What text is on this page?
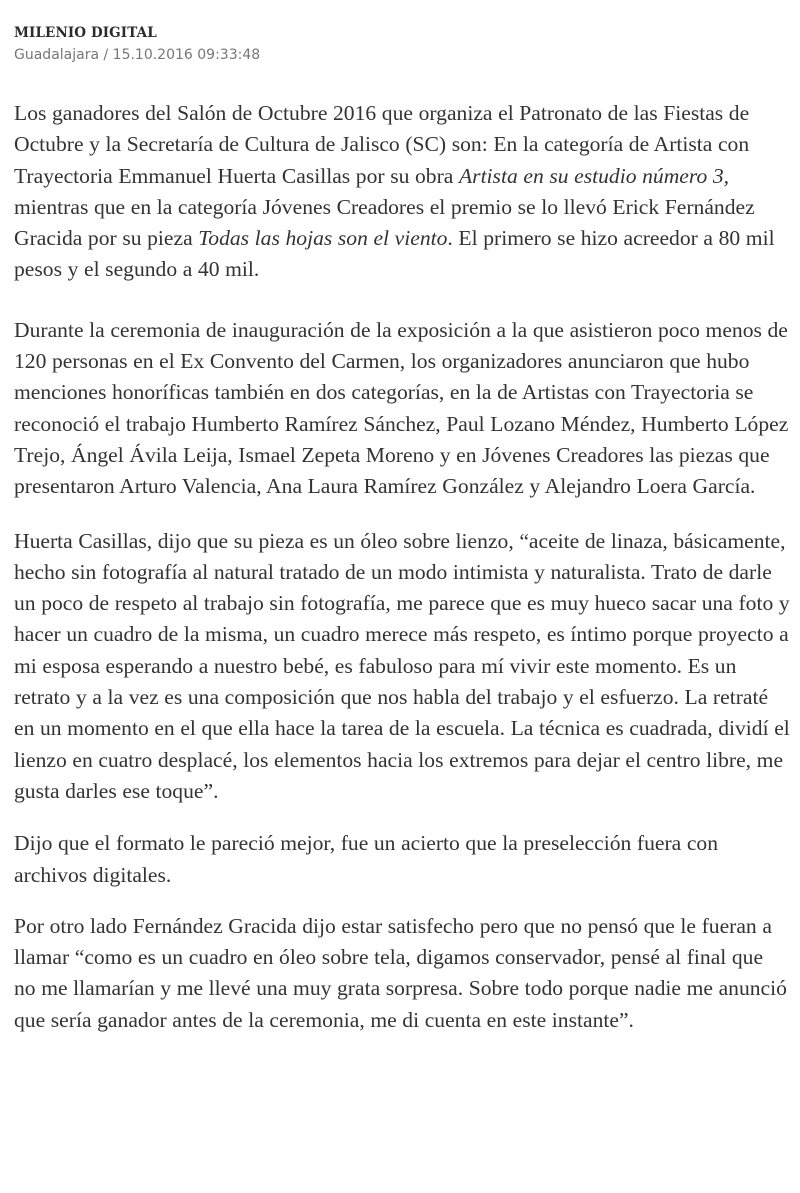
MILENIO DIGITAL
Guadalajara / 15.10.2016 09:33:48

Los ganadores del Salón de Octubre 2016 que organiza el Patronato de las Fiestas de Octubre y la Secretaría de Cultura de Jalisco (SC) son: En la categoría de Artista con Trayectoria Emmanuel Huerta Casillas por su obra Artista en su estudio número 3, mientras que en la categoría Jóvenes Creadores el premio se lo llevó Erick Fernández Gracida por su pieza Todas las hojas son el viento. El primero se hizo acreedor a 80 mil pesos y el segundo a 40 mil.

Durante la ceremonia de inauguración de la exposición a la que asistieron poco menos de 120 personas en el Ex Convento del Carmen, los organizadores anunciaron que hubo menciones honoríficas también en dos categorías, en la de Artistas con Trayectoria se reconoció el trabajo Humberto Ramírez Sánchez, Paul Lozano Méndez, Humberto López Trejo, Ángel Ávila Leija, Ismael Zepeta Moreno y en Jóvenes Creadores las piezas que presentaron Arturo Valencia, Ana Laura Ramírez González y Alejandro Loera García.

Huerta Casillas, dijo que su pieza es un óleo sobre lienzo, “aceite de linaza, básicamente, hecho sin fotografía al natural tratado de un modo intimista y naturalista. Trato de darle un poco de respeto al trabajo sin fotografía, me parece que es muy hueco sacar una foto y hacer un cuadro de la misma, un cuadro merece más respeto, es íntimo porque proyecto a mi esposa esperando a nuestro bebé, es fabuloso para mí vivir este momento. Es un retrato y a la vez es una composición que nos habla del trabajo y el esfuerzo. La retraté en un momento en el que ella hace la tarea de la escuela. La técnica es cuadrada, dividí el lienzo en cuatro desplacé, los elementos hacia los extremos para dejar el centro libre, me gusta darles ese toque”.

Dijo que el formato le pareció mejor, fue un acierto que la preselección fuera con archivos digitales.

Por otro lado Fernández Gracida dijo estar satisfecho pero que no pensó que le fueran a llamar “como es un cuadro en óleo sobre tela, digamos conservador, pensé al final que no me llamarían y me llevé una muy grata sorpresa. Sobre todo porque nadie me anunció que sería ganador antes de la ceremonia, me di cuenta en este instante”.
